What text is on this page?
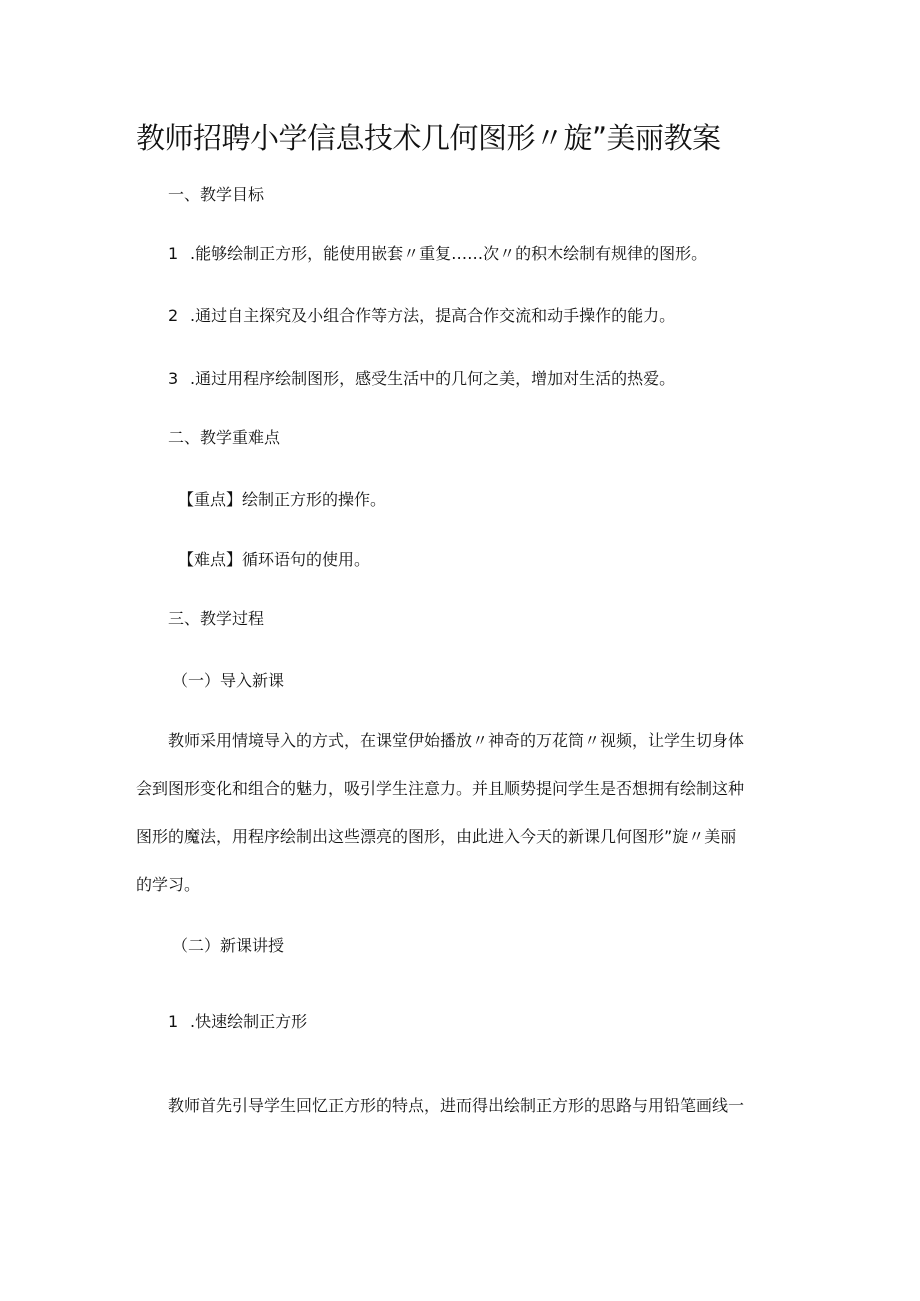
教师招聘小学信息技术几何图形〃旋”美丽教案
一、教学目标
1 .能够绘制正方形，能使用嵌套〃重复……次〃的积木绘制有规律的图形。
2 .通过自主探究及小组合作等方法，提高合作交流和动手操作的能力。
3 .通过用程序绘制图形，感受生活中的几何之美，增加对生活的热爱。
二、教学重难点
【重点】绘制正方形的操作。
【难点】循环语句的使用。
三、教学过程
（一）导入新课
教师采用情境导入的方式，在课堂伊始播放〃神奇的万花筒〃视频，让学生切身体
会到图形变化和组合的魅力，吸引学生注意力。并且顺势提问学生是否想拥有绘制这种
图形的魔法，用程序绘制出这些漂亮的图形，由此进入今天的新课几何图形”旋〃美丽
的学习。
（二）新课讲授
1 .快速绘制正方形
教师首先引导学生回忆正方形的特点，进而得出绘制正方形的思路与用铅笔画线一
